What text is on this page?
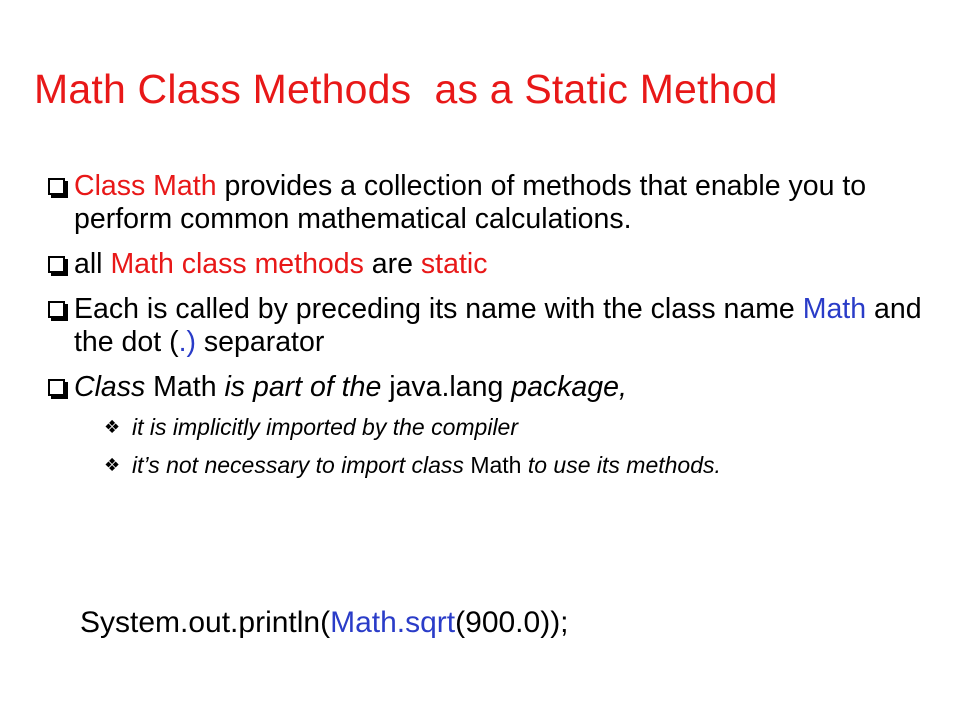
Math Class Methods  as a Static Method
Class Math provides a collection of methods that enable you to perform common mathematical calculations.
all Math class methods are static
Each is called by preceding its name with the class name Math and the dot (.) separator
Class Math is part of the java.lang package,
❖ it is implicitly imported by the compiler
❖ it’s not necessary to import class Math to use its methods.
System.out.println(Math.sqrt(900.0));
